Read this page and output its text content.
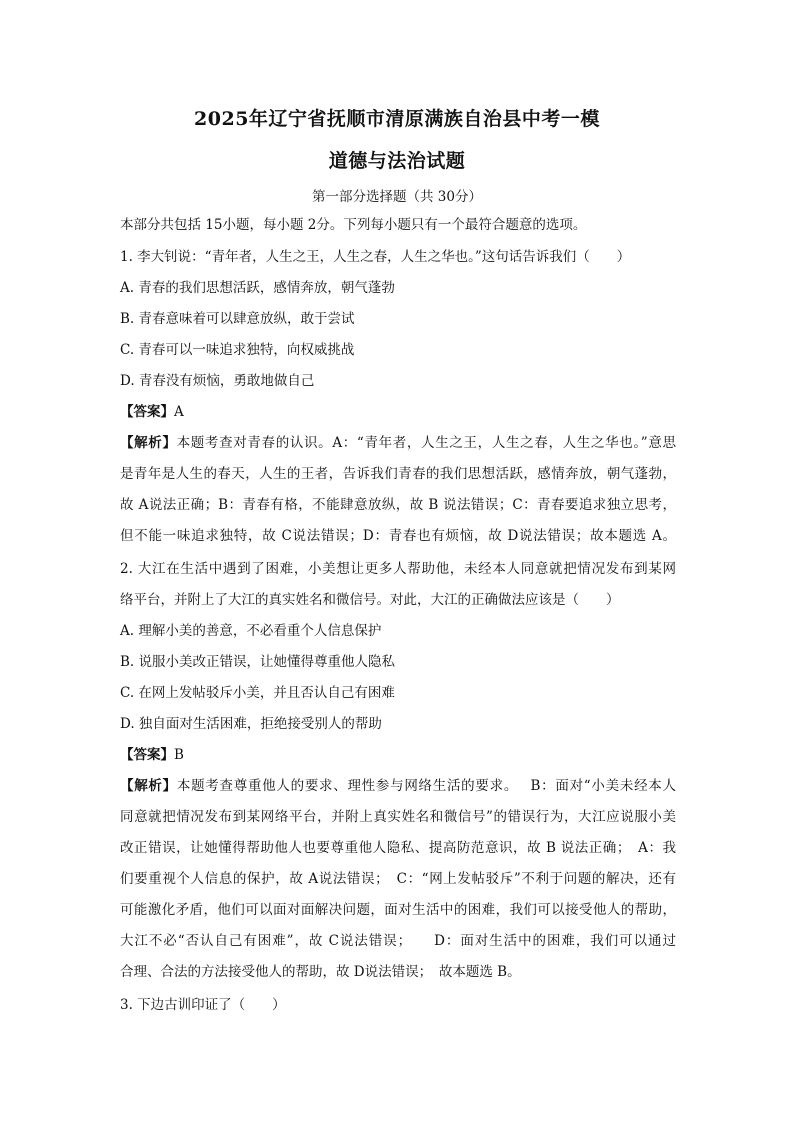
2025年辽宁省抚顺市清原满族自治县中考一模
道德与法治试题
第一部分选择题（共 30分）
本部分共包括 15小题，每小题 2分。下列每小题只有一个最符合题意的选项。
1. 李大钊说：“青年者，人生之王，人生之春，人生之华也。”这句话告诉我们（　　）
A. 青春的我们思想活跃，感情奔放，朝气蓬勃
B. 青春意味着可以肆意放纵，敢于尝试
C. 青春可以一味追求独特，向权威挑战
D. 青春没有烦恼，勇敢地做自己
【答案】A
【解析】本题考查对青春的认识。A：“青年者，人生之王，人生之春，人生之华也。”意思
是青年是人生的春天，人生的王者，告诉我们青春的我们思想活跃，感情奔放，朝气蓬勃，
故 A说法正确；B：青春有格，不能肆意放纵，故 B 说法错误；C：青春要追求独立思考，
但不能一味追求独特，故 C说法错误；D：青春也有烦恼，故 D说法错误；故本题选 A。
2. 大江在生活中遇到了困难，小美想让更多人帮助他，未经本人同意就把情况发布到某网
络平台，并附上了大江的真实姓名和微信号。对此，大江的正确做法应该是（　　）
A. 理解小美的善意，不必看重个人信息保护
B. 说服小美改正错误，让她懂得尊重他人隐私
C. 在网上发帖驳斥小美，并且否认自己有困难
D. 独自面对生活困难，拒绝接受别人的帮助
【答案】B
【解析】本题考查尊重他人的要求、理性参与网络生活的要求。　 B：面对“小美未经本人
同意就把情况发布到某网络平台，并附上真实姓名和微信号”的错误行为，大江应说服小美
改正错误，让她懂得帮助他人也要尊重他人隐私、提高防范意识，故 B 说法正确；　A：我
们要重视个人信息的保护，故 A说法错误；　C：“网上发帖驳斥”不利于问题的解决，还有
可能激化矛盾，他们可以面对面解决问题，面对生活中的困难，我们可以接受他人的帮助，
大江不必“否认自己有困难”，故 C说法错误；　　D：面对生活中的困难，我们可以通过
合理、合法的方法接受他人的帮助，故 D说法错误；　故本题选 B。
3. 下边古训印证了（　　）
